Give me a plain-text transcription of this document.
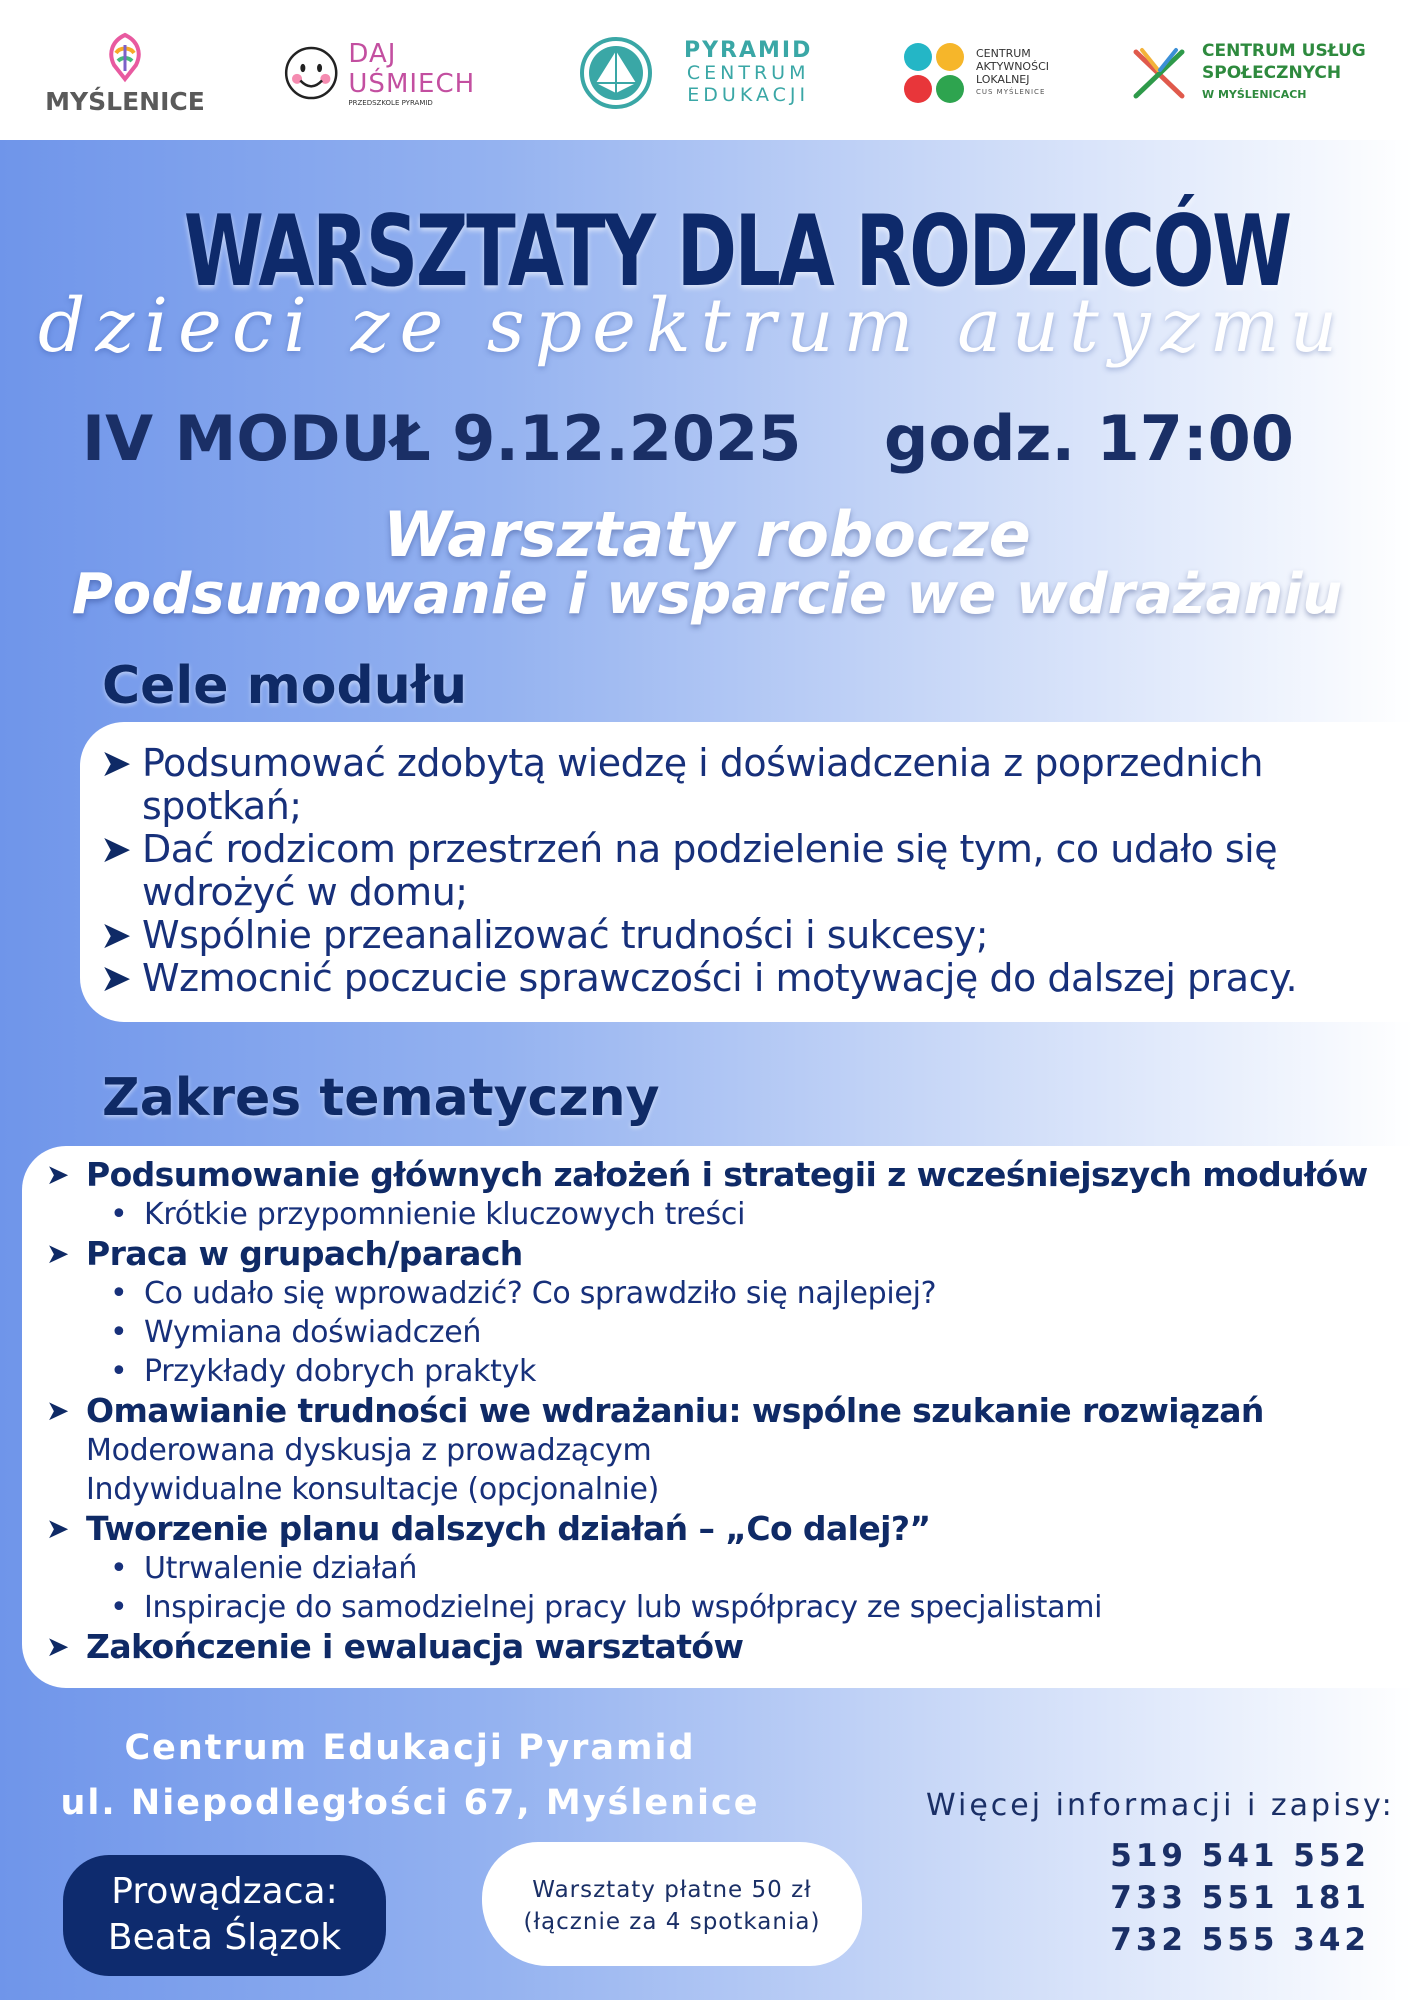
MYŚLENICE
DAJ UŚMIECH
PRZEDSZKOLE PYRAMID
PYRAMID
CENTRUM
EDUKACJI
CENTRUM
AKTYWNOŚCI
LOKALNEJ
CUS MYŚLENICE
CENTRUM USŁUG
SPOŁECZNYCH
W MYŚLENICACH
WARSZTATY DLA RODZICÓW
dzieci ze spektrum autyzmu
IV MODUŁ 9.12.2025 godz. 17:00
Warsztaty robocze
Podsumowanie i wsparcie we wdrażaniu
Cele modułu
➤ Podsumować zdobytą wiedzę i doświadczenia z poprzednich
spotkań;
➤ Dać rodzicom przestrzeń na podzielenie się tym, co udało się
wdrożyć w domu;
➤ Wspólnie przeanalizować trudności i sukcesy;
➤ Wzmocnić poczucie sprawczości i motywację do dalszej pracy.
Zakres tematyczny
➤ Podsumowanie głównych założeń i strategii z wcześniejszych modułów
• Krótkie przypomnienie kluczowych treści
➤ Praca w grupach/parach
• Co udało się wprowadzić? Co sprawdziło się najlepiej?
• Wymiana doświadczeń
• Przykłady dobrych praktyk
➤ Omawianie trudności we wdrażaniu: wspólne szukanie rozwiązań
Moderowana dyskusja z prowadzącym
Indywidualne konsultacje (opcjonalnie)
➤ Tworzenie planu dalszych działań – „Co dalej?”
• Utrwalenie działań
• Inspiracje do samodzielnej pracy lub współpracy ze specjalistami
➤ Zakończenie i ewaluacja warsztatów
Centrum Edukacji Pyramid
ul. Niepodległości 67, Myślenice	Więcej informacji i zapisy:
519 541 552
733 551 181
732 555 342
Prowądzaca:
Beata Ślązok
Warsztaty płatne 50 zł
(łącznie za 4 spotkania)
